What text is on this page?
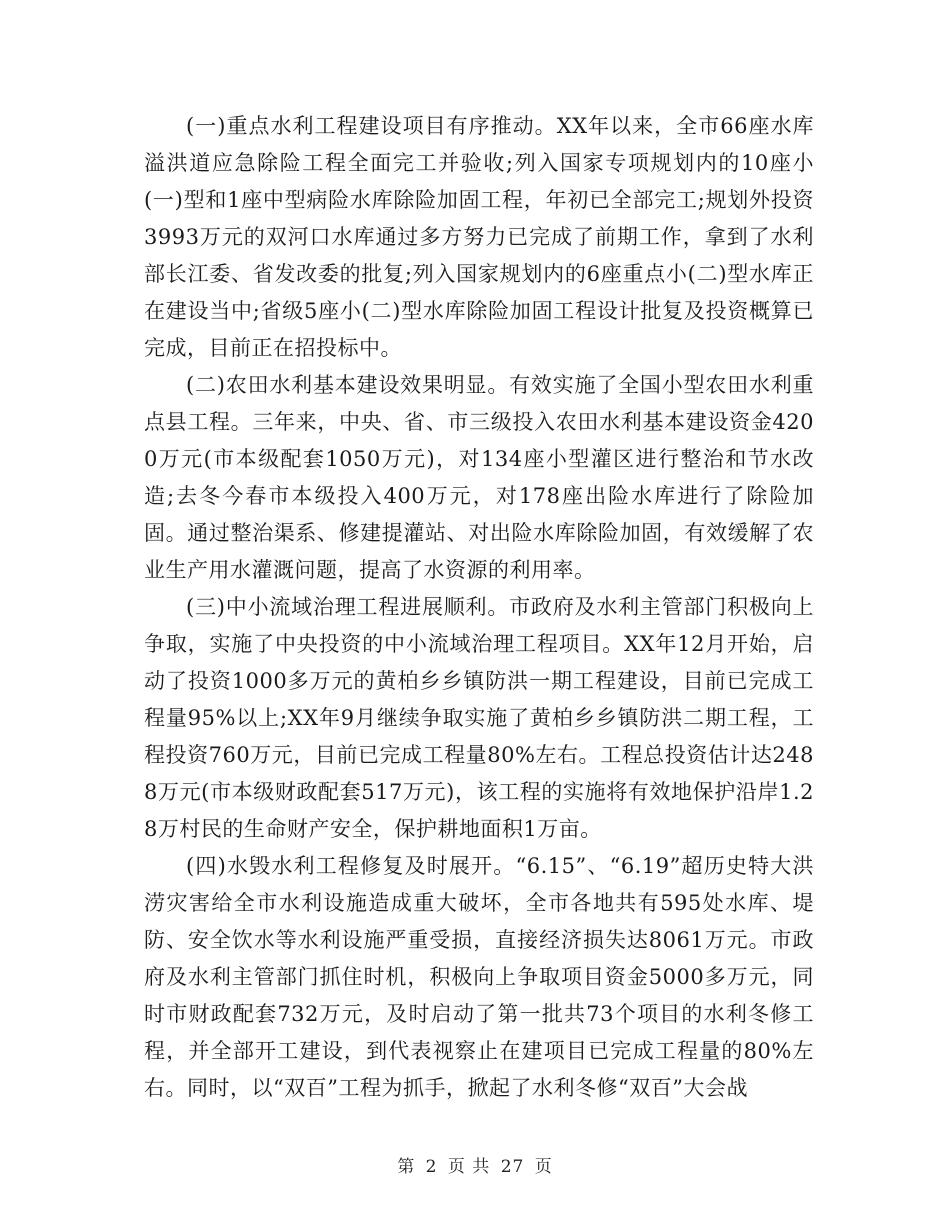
(一)重点水利工程建设项目有序推动。XX年以来，全市66座水库溢洪道应急除险工程全面完工并验收;列入国家专项规划内的10座小(一)型和1座中型病险水库除险加固工程，年初已全部完工;规划外投资3993万元的双河口水库通过多方努力已完成了前期工作，拿到了水利部长江委、省发改委的批复;列入国家规划内的6座重点小(二)型水库正在建设当中;省级5座小(二)型水库除险加固工程设计批复及投资概算已完成，目前正在招投标中。

(二)农田水利基本建设效果明显。有效实施了全国小型农田水利重点县工程。三年来，中央、省、市三级投入农田水利基本建设资金4200万元(市本级配套1050万元)，对134座小型灌区进行整治和节水改造;去冬今春市本级投入400万元，对178座出险水库进行了除险加固。通过整治渠系、修建提灌站、对出险水库除险加固，有效缓解了农业生产用水灌溉问题，提高了水资源的利用率。

(三)中小流域治理工程进展顺利。市政府及水利主管部门积极向上争取，实施了中央投资的中小流域治理工程项目。XX年12月开始，启动了投资1000多万元的黄柏乡乡镇防洪一期工程建设，目前已完成工程量95%以上;XX年9月继续争取实施了黄柏乡乡镇防洪二期工程，工程投资760万元，目前已完成工程量80%左右。工程总投资估计达2488万元(市本级财政配套517万元)，该工程的实施将有效地保护沿岸1.28万村民的生命财产安全，保护耕地面积1万亩。

(四)水毁水利工程修复及时展开。“6.15”、“6.19”超历史特大洪涝灾害给全市水利设施造成重大破坏，全市各地共有595处水库、堤防、安全饮水等水利设施严重受损，直接经济损失达8061万元。市政府及水利主管部门抓住时机，积极向上争取项目资金5000多万元，同时市财政配套732万元，及时启动了第一批共73个项目的水利冬修工程，并全部开工建设，到代表视察止在建项目已完成工程量的80%左右。同时，以“双百”工程为抓手，掀起了水利冬修“双百”大会战

第 2 页 共 27 页
